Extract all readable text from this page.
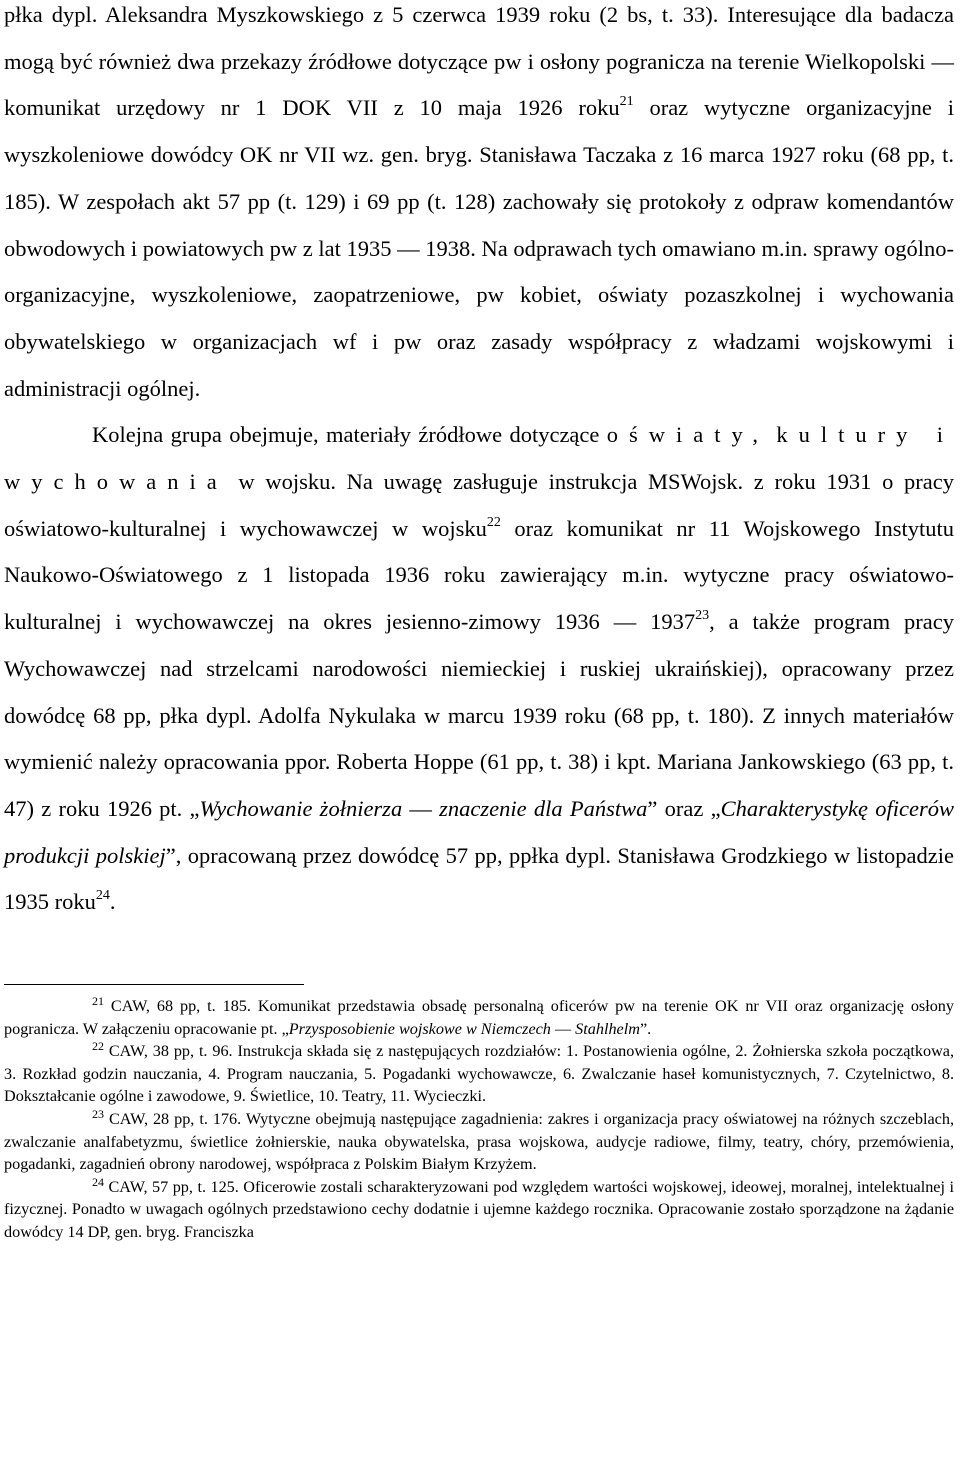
płka dypl. Aleksandra Myszkowskiego z 5 czerwca 1939 roku (2 bs, t. 33). Interesujące dla badacza mogą być również dwa przekazy źródłowe dotyczące pw i osłony pogranicza na terenie Wielkopolski ― komunikat urzędowy nr 1 DOK VII z 10 maja 1926 roku$^{21}$ oraz wytyczne organizacyjne i wyszkoleniowe dowódcy OK nr VII wz. gen. bryg. Stanisława Taczaka z 16 marca 1927 roku (68 pp, t. 185). W zespołach akt 57 pp (t. 129) i 69 pp (t. 128) zachowały się protokoły z odpraw komendantów obwodowych i powiatowych pw z lat 1935 ― 1938. Na odprawach tych omawiano m.in. sprawy ogólno-organizacyjne, wyszkoleniowe, zaopatrzeniowe, pw kobiet, oświaty pozaszkolnej i wychowania obywatelskiego w organizacjach wf i pw oraz zasady współpracy z władzami wojskowymi i administracji ogólnej.

Kolejna grupa obejmuje, materiały źródłowe dotyczące oświaty, kultury i wychowania w wojsku. Na uwagę zasługuje instrukcja MSWojsk. z roku 1931 o pracy oświatowo-kulturalnej i wychowawczej w wojsku$^{22}$ oraz komunikat nr 11 Wojskowego Instytutu Naukowo-Oświatowego z 1 listopada 1936 roku zawierający m.in. wytyczne pracy oświatowo-kulturalnej i wychowawczej na okres jesienno-zimowy 1936 ― 1937$^{23}$, a także program pracy Wychowawczej nad strzelcami narodowości niemieckiej i ruskiej ukraińskiej), opracowany przez dowódcę 68 pp, płka dypl. Adolfa Nykulaka w marcu 1939 roku (68 pp, t. 180). Z innych materiałów wymienić należy opracowania ppor. Roberta Hoppe (61 pp, t. 38) i kpt. Mariana Jankowskiego (63 pp, t. 47) z roku 1926 pt. „Wychowanie żołnierza ― znaczenie dla Państwa” oraz „Charakterystykę oficerów produkcji polskiej”, opracowaną przez dowódcę 57 pp, ppłka dypl. Stanisława Grodzkiego w listopadzie 1935 roku$^{24}$.

$^{21}$ CAW, 68 pp, t. 185. Komunikat przedstawia obsadę personalną oficerów pw na terenie OK nr VII oraz organizację osłony pogranicza. W załączeniu opracowanie pt. „Przysposobienie wojskowe w Niemczech ― Stahlhelm”.

$^{22}$ CAW, 38 pp, t. 96. Instrukcja składa się z następujących rozdziałów: 1. Postanowienia ogólne, 2. Żołnierska szkoła początkowa, 3. Rozkład godzin nauczania, 4. Program nauczania, 5. Pogadanki wychowawcze, 6. Zwalczanie haseł komunistycznych, 7. Czytelnictwo, 8. Dokształcanie ogólne i zawodowe, 9. Świetlice, 10. Teatry, 11. Wycieczki.

$^{23}$ CAW, 28 pp, t. 176. Wytyczne obejmują następujące zagadnienia: zakres i organizacja pracy oświatowej na różnych szczeblach, zwalczanie analfabetyzmu, świetlice żołnierskie, nauka obywatelska, prasa wojskowa, audycje radiowe, filmy, teatry, chóry, przemówienia, pogadanki, zagadnień obrony narodowej, współpraca z Polskim Białym Krzyżem.

$^{24}$ CAW, 57 pp, t. 125. Oficerowie zostali scharakteryzowani pod względem wartości wojskowej, ideowej, moralnej, intelektualnej i fizycznej. Ponadto w uwagach ogólnych przedstawiono cechy dodatnie i ujemne każdego rocznika. Opracowanie zostało sporządzone na żądanie dowódcy 14 DP, gen. bryg. Franciszka
